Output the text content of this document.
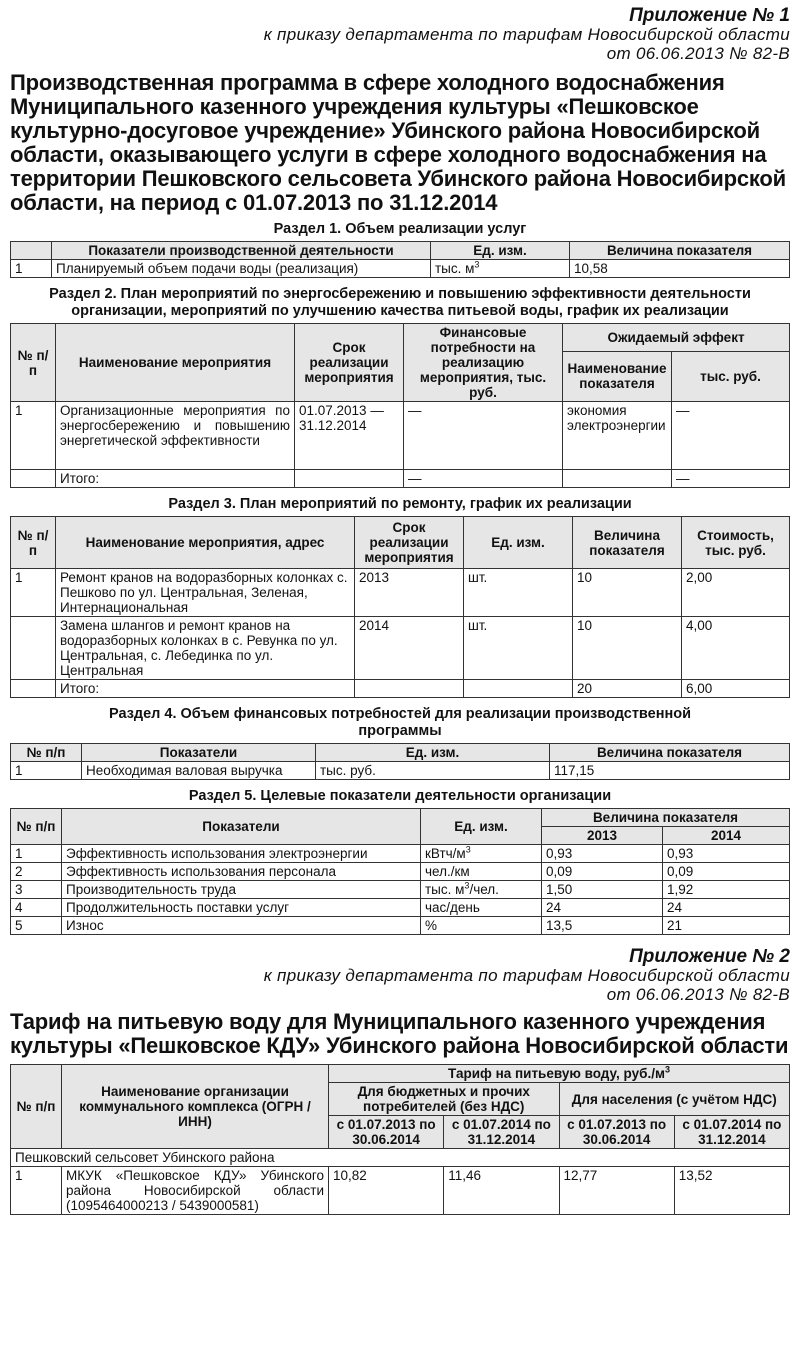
Приложение № 1
к приказу департамента по тарифам Новосибирской области
от 06.06.2013 № 82-В
Производственная программа в сфере холодного водоснабжения Муниципального казенного учреждения культуры «Пешковское культурно-досуговое учреждение» Убинского района Новосибирской области, оказывающего услуги в сфере холодного водоснабжения на территории Пешковского сельсовета Убинского района Новосибирской области, на период с 01.07.2013 по 31.12.2014
Раздел 1. Объем реализации услуг
	Показатели производственной деятельности	Ед. изм.	Величина показателя
1	Планируемый объем подачи воды (реализация)	тыс. $м^3$	10,58
Раздел 2. План мероприятий по энергосбережению и повышению эффективности деятельности организации, мероприятий по улучшению качества питьевой воды, график их реализации
№ п/п	Наименование мероприятия	Срок реализации мероприятия	Финансовые потребности на реализацию мероприятия, тыс. руб.	Ожидаемый эффект	
				Наименование показателя	тыс. руб.
1	Организационные мероприятия по энергосбережению и повышению энергетической эффективности	01.07.2013 — 31.12.2014	—	экономия электроэнергии	—
	Итого:		—		—
Раздел 3. План мероприятий по ремонту, график их реализации
№ п/п	Наименование мероприятия, адрес	Срок реализации мероприятия	Ед. изм.	Величина показателя	Стоимость, тыс. руб.
1	Ремонт кранов на водоразборных колонках с. Пешково по ул. Центральная, Зеленая, Интернациональная	2013	шт.	10	2,00
	Замена шлангов и ремонт кранов на водоразборных колонках в с. Ревунка по ул. Центральная, с. Лебединка по ул. Центральная	2014	шт.	10	4,00
	Итого:			20	6,00
Раздел 4. Объем финансовых потребностей для реализации производственной программы
№ п/п	Показатели	Ед. изм.	Величина показателя
1	Необходимая валовая выручка	тыс. руб.	117,15
Раздел 5. Целевые показатели деятельности организации
№ п/п	Показатели	Ед. изм.	Величина показателя	
			2013	2014
1	Эффективность использования электроэнергии	кВтч/$м^3$	0,93	0,93
2	Эффективность использования персонала	чел./км	0,09	0,09
3	Производительность труда	тыс. $м^3$/чел.	1,50	1,92
4	Продолжительность поставки услуг	час/день	24	24
5	Износ	%	13,5	21
Приложение № 2
к приказу департамента по тарифам Новосибирской области
от 06.06.2013 № 82-В
Тариф на питьевую воду для Муниципального казенного учреждения культуры «Пешковское КДУ» Убинского района Новосибирской области
№ п/п	Наименование организации коммунального комплекса (ОГРН / ИНН)	Тариф на питьевую воду, $руб./м^3$
		Для бюджетных и прочих потребителей (без НДС)		Для населения (с учётом НДС)	
		с 01.07.2013 по 30.06.2014	с 01.07.2014 по 31.12.2014	с 01.07.2013 по 30.06.2014	с 01.07.2014 по 31.12.2014
Пешковский сельсовет Убинского района					
1	МКУК «Пешковское КДУ» Убинского района Новосибирской области (1095464000213 / 5439000581)	10,82	11,46	12,77	13,52
